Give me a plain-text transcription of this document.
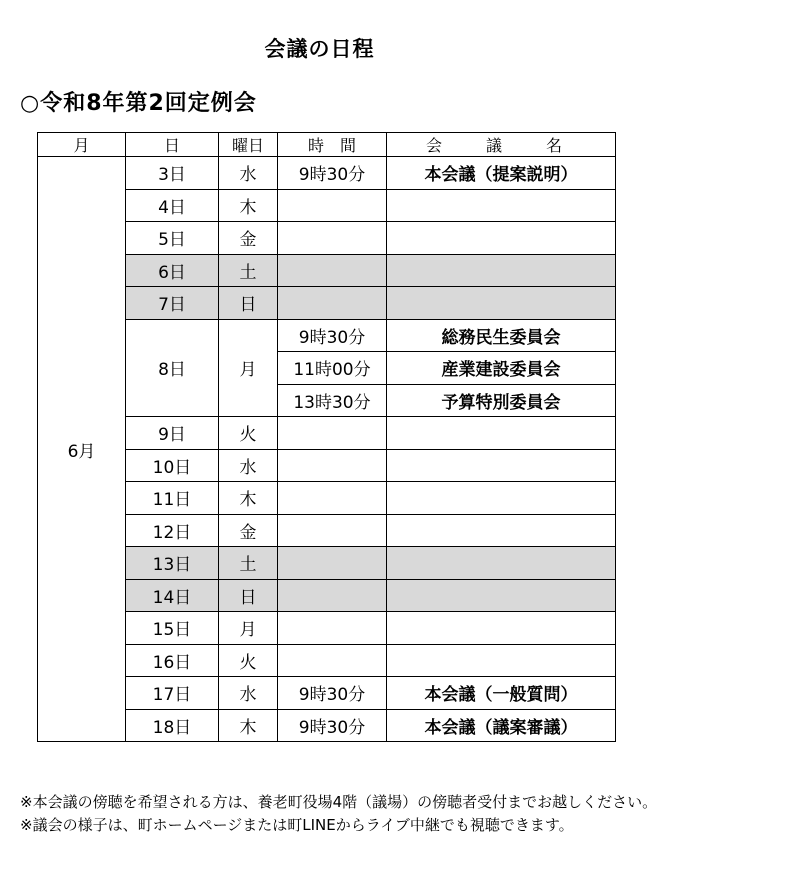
会議の日程
○令和8年第2回定例会
月	日	曜日	時　間	会　議　名
6月	3日	水	9時30分	本会議（提案説明）
	4日	木		
	5日	金		
	6日	土		
	7日	日		
	8日	月	9時30分	総務民生委員会
			11時00分	産業建設委員会
			13時30分	予算特別委員会
	9日	火		
	10日	水		
	11日	木		
	12日	金		
	13日	土		
	14日	日		
	15日	月		
	16日	火		
	17日	水	9時30分	本会議（一般質問）
	18日	木	9時30分	本会議（議案審議）
※本会議の傍聴を希望される方は、養老町役場4階（議場）の傍聴者受付までお越しください。
※議会の様子は、町ホームページまたは町LINEからライブ中継でも視聴できます。
